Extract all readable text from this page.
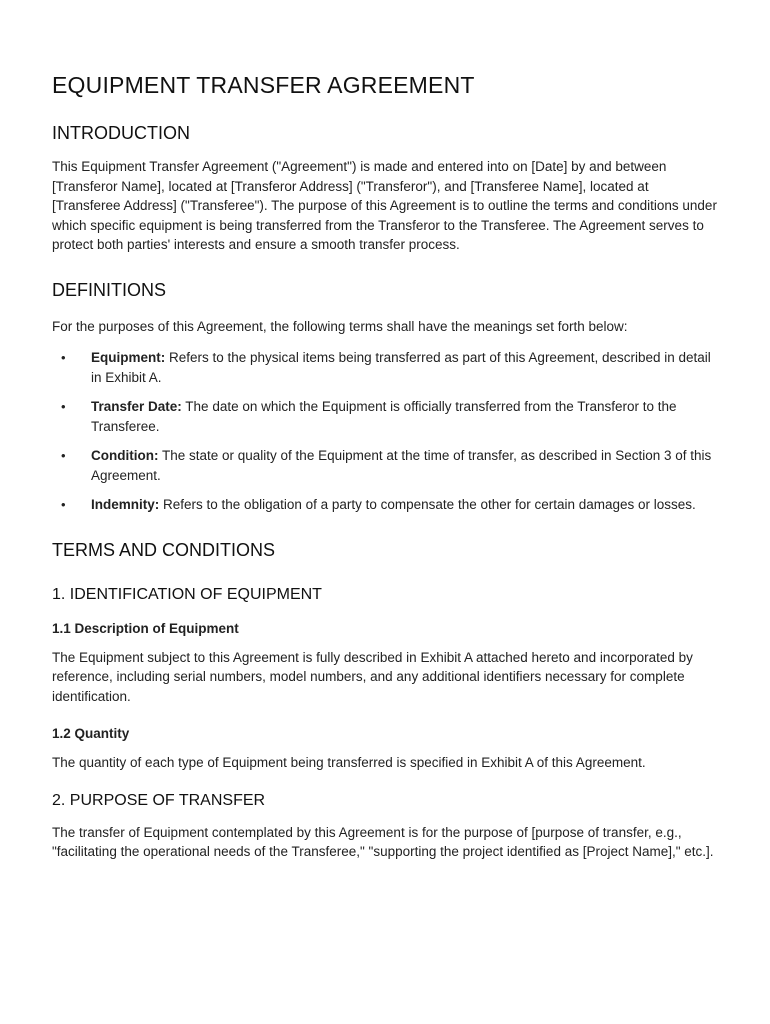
EQUIPMENT TRANSFER AGREEMENT
INTRODUCTION

This Equipment Transfer Agreement ("Agreement") is made and entered into on [Date] by and between [Transferor Name], located at [Transferor Address] ("Transferor"), and [Transferee Name], located at [Transferee Address] ("Transferee"). The purpose of this Agreement is to outline the terms and conditions under which specific equipment is being transferred from the Transferor to the Transferee. The Agreement serves to protect both parties' interests and ensure a smooth transfer process.

DEFINITIONS

For the purposes of this Agreement, the following terms shall have the meanings set forth below:

• Equipment: Refers to the physical items being transferred as part of this Agreement, described in detail in Exhibit A.
• Transfer Date: The date on which the Equipment is officially transferred from the Transferor to the Transferee.
• Condition: The state or quality of the Equipment at the time of transfer, as described in Section 3 of this Agreement.
• Indemnity: Refers to the obligation of a party to compensate the other for certain damages or losses.
TERMS AND CONDITIONS
1. IDENTIFICATION OF EQUIPMENT
1.1 Description of Equipment

The Equipment subject to this Agreement is fully described in Exhibit A attached hereto and incorporated by reference, including serial numbers, model numbers, and any additional identifiers necessary for complete identification.

1.2 Quantity

The quantity of each type of Equipment being transferred is specified in Exhibit A of this Agreement.

2. PURPOSE OF TRANSFER

The transfer of Equipment contemplated by this Agreement is for the purpose of [purpose of transfer, e.g., "facilitating the operational needs of the Transferee," "supporting the project identified as [Project Name]," etc.].
